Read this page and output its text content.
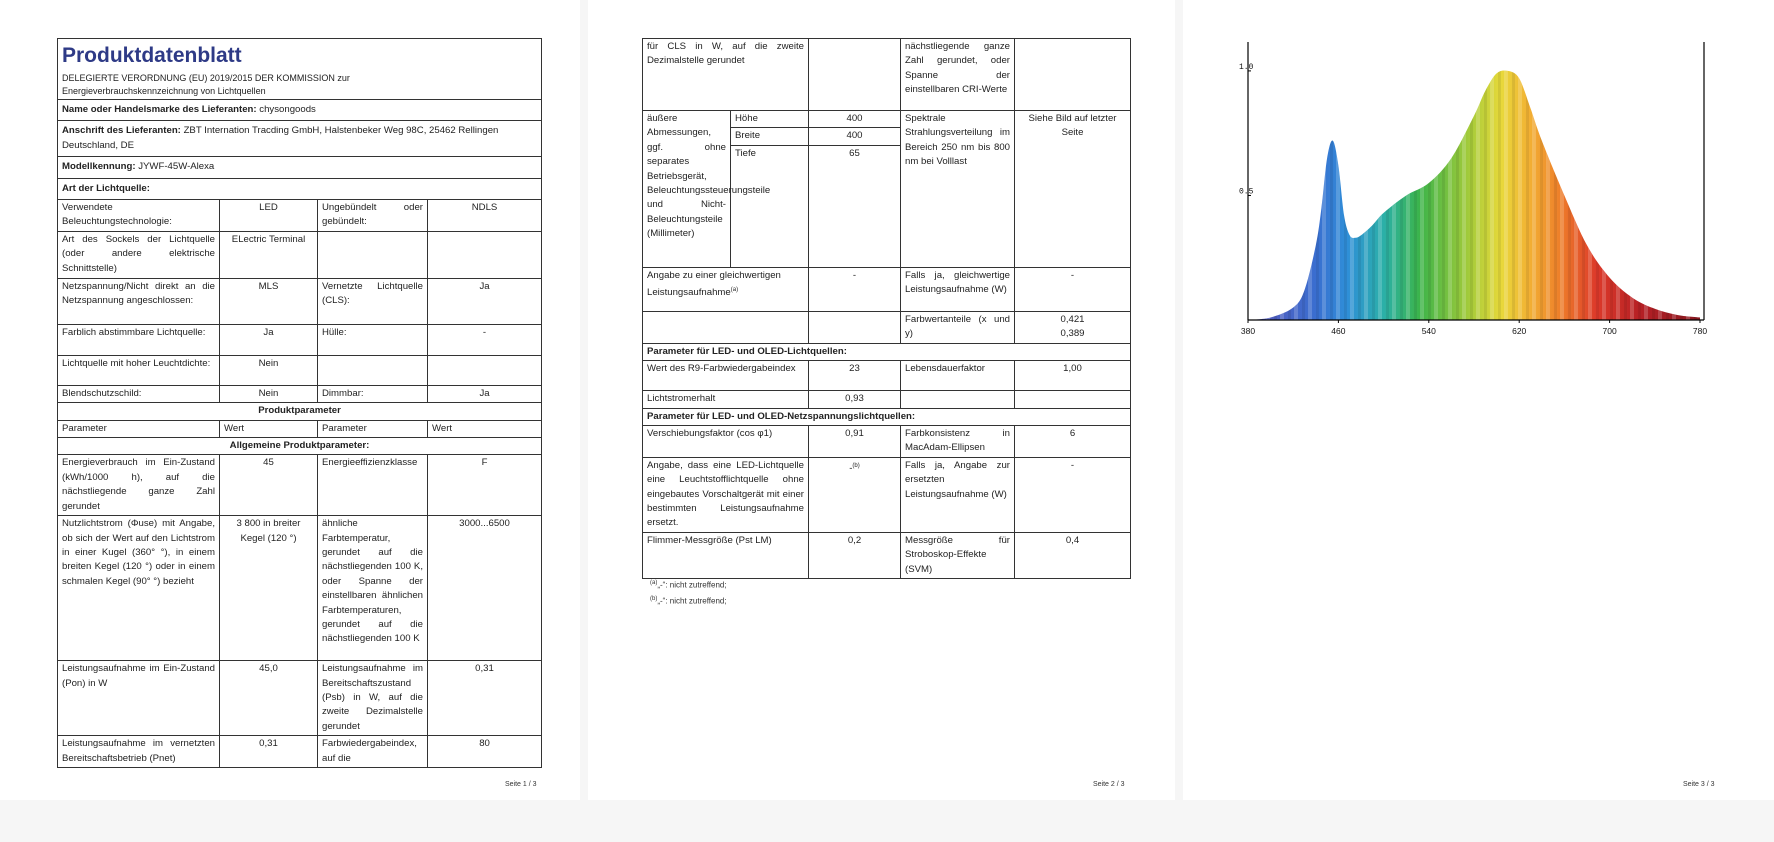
Produktdatenblatt
DELEGIERTE VERORDNUNG (EU) 2019/2015 DER KOMMISSION zur
Energieverbrauchskennzeichnung von Lichtquellen			

Name oder Handelsmarke des Lieferanten: chysongoods			
Anschrift des Lieferanten: ZBT Internation Tracding GmbH, Halstenbeker Weg 98C, 25462 Rellingen Deutschland, DE			
Modellkennung: JYWF-45W-Alexa			
Art der Lichtquelle:			
Verwendete Beleuchtungstechnologie:	LED	Ungebündelt oder gebündelt:	NDLS
Art des Sockels der Lichtquelle (oder andere elektrische Schnittstelle)	ELectric Terminal		
Netzspannung/Nicht direkt an die Netzspannung angeschlossen:	MLS	Vernetzte Lichtquelle (CLS):	Ja
Farblich abstimmbare Lichtquelle:	Ja	Hülle:	-
Lichtquelle mit hoher Leuchtdichte:	Nein		
Blendschutzschild:	Nein	Dimmbar:	Ja
Produktparameter			
Parameter	Wert	Parameter	Wert
Allgemeine Produktparameter:			
Energieverbrauch im Ein-Zustand (kWh/1000 h), auf die nächstliegende ganze Zahl gerundet	45	Energieeffizienzklasse	F
Nutzlichtstrom (Φuse) mit Angabe, ob sich der Wert auf den Lichtstrom in einer Kugel (360° °), in einem breiten Kegel (120 °) oder in einem schmalen Kegel (90° °) bezieht	3 800 in breiter Kegel (120 °)	ähnliche Farbtemperatur, gerundet auf die nächstliegenden 100 K, oder Spanne der einstellbaren ähnlichen Farbtemperaturen, gerundet auf die nächstliegenden 100 K	3000...6500
Leistungsaufnahme im Ein-Zustand (Pon) in W	45,0	Leistungsaufnahme im Bereitschaftszustand (Psb) in W, auf die zweite Dezimalstelle gerundet	0,31
Leistungsaufnahme im vernetzten Bereitschaftsbetrieb (Pnet)	0,31	Farbwiedergabeindex, auf die	80
Seite 1 / 3
für CLS in W, auf die zweite Dezimalstelle gerundet			nächstliegende ganze Zahl gerundet, oder Spanne der einstellbaren CRI-Werte	
äußere Abmessungen, ggf. ohne separates Betriebsgerät, Beleuchtungssteuerungsteile und Nicht-Beleuchtungsteile (Millimeter)	Höhe	400	Spektrale Strahlungsverteilung im Bereich 250 nm bis 800 nm bei Volllast	Siehe Bild auf letzter Seite
	Breite	400		
	Tiefe	65		
Angabe zu einer gleichwertigen Leistungsaufnahme$^{(a)}$		-	Falls ja, gleichwertige Leistungsaufnahme (W)	-
			Farbwertanteile (x und y)	0,421
0,389
Parameter für LED- und OLED-Lichtquellen:				
Wert des R9-Farbwiedergabeindex		23	Lebensdauerfaktor	1,00
Lichtstromerhalt		0,93		
Parameter für LED- und OLED-Netzspannungslichtquellen:				
Verschiebungsfaktor (cos φ1)		0,91	Farbkonsistenz in MacAdam-Ellipsen	6
Angabe, dass eine LED-Lichtquelle eine Leuchtstofflichtquelle ohne eingebautes Vorschaltgerät mit einer bestimmten Leistungsaufnahme ersetzt.		-$^{(b)}$	Falls ja, Angabe zur ersetzten Leistungsaufnahme (W)	-
Flimmer-Messgröße (Pst LM)		0,2	Messgröße für Stroboskop-Effekte (SVM)	0,4
$^{(a)}$„-“: nicht zutreffend;
$^{(b)}$„-“: nicht zutreffend;
Seite 2 / 3	Seite 3 / 3
380	460	540	620	700	780
0.5
1.0
